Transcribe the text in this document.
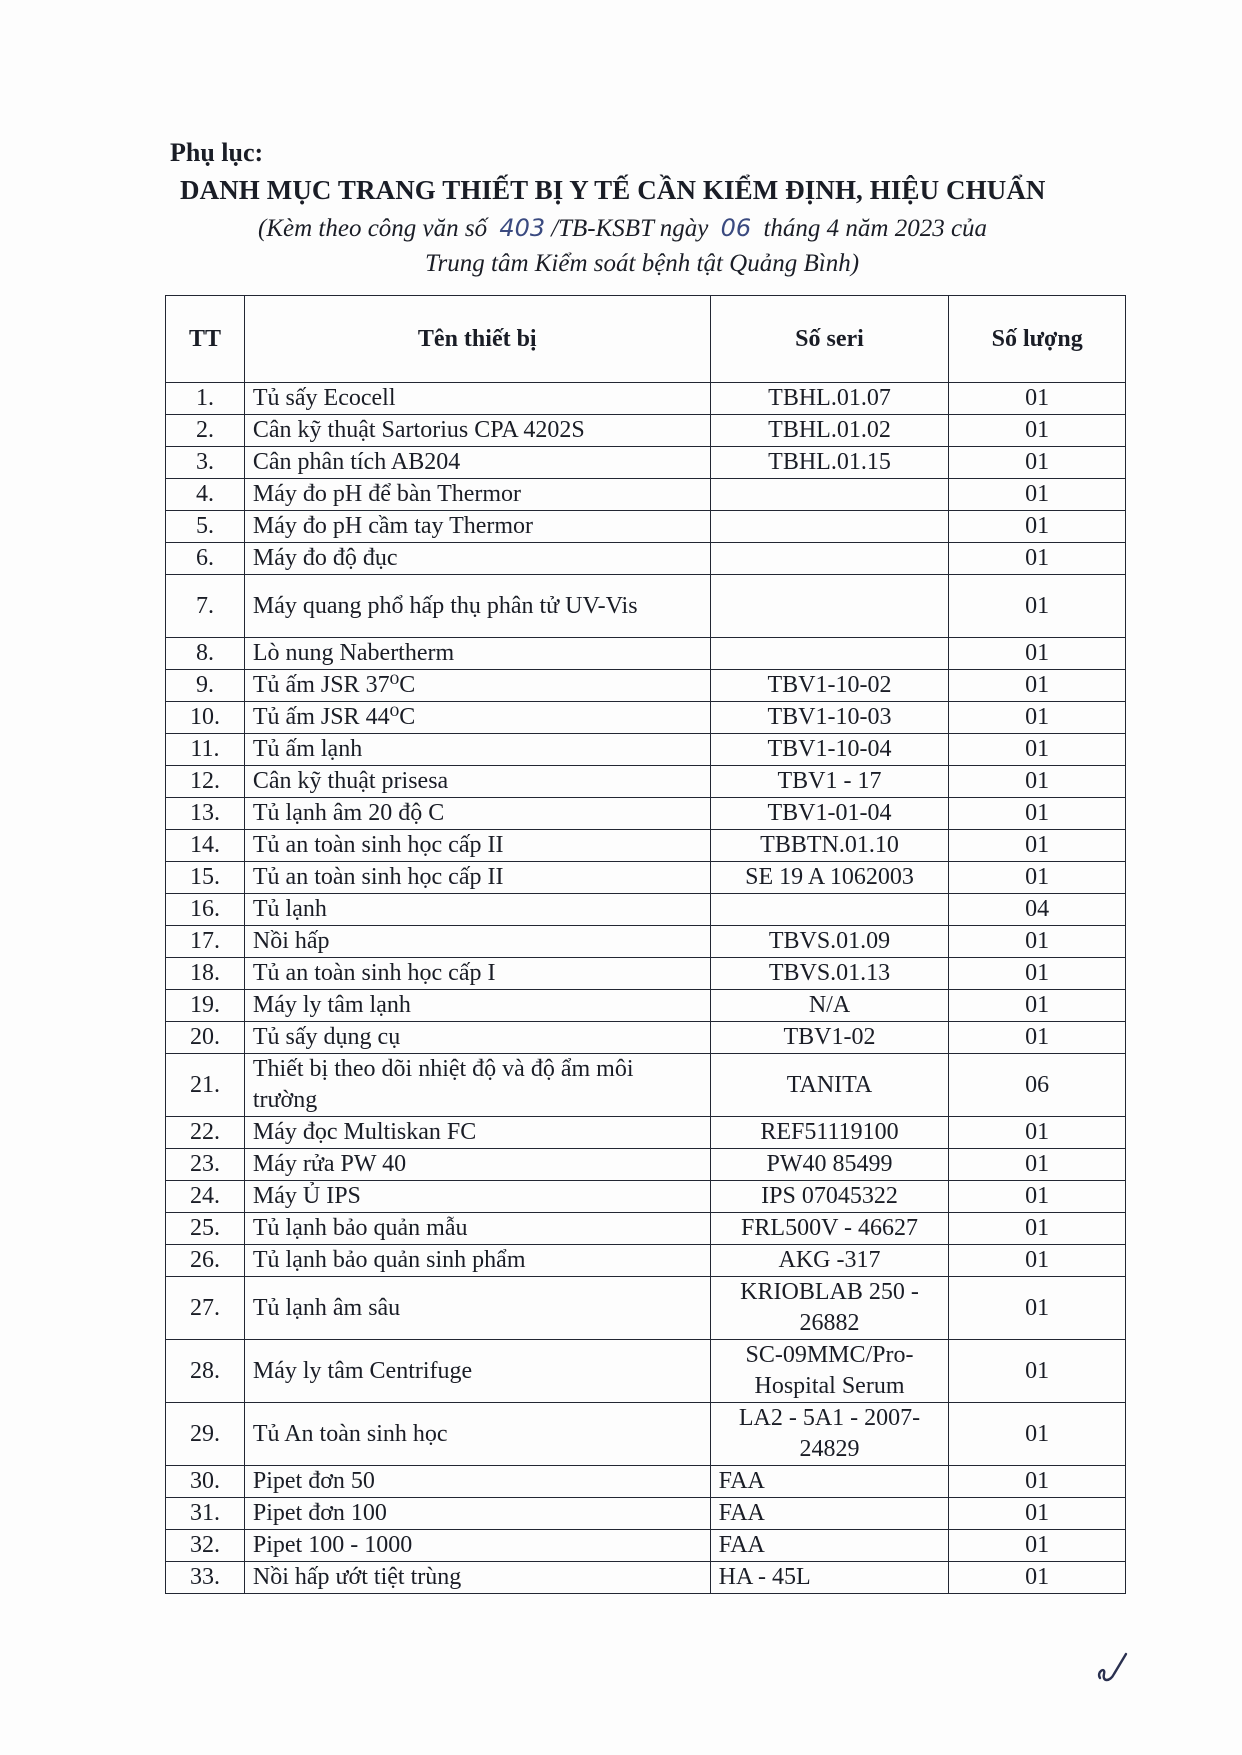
Phụ lục:
DANH MỤC TRANG THIẾT BỊ Y TẾ CẦN KIỂM ĐỊNH, HIỆU CHUẨN
(Kèm theo công văn số 403 /TB-KSBT ngày 06 tháng 4 năm 2023 của
Trung tâm Kiểm soát bệnh tật Quảng Bình)
TT	Tên thiết bị	Số seri	Số lượng
1.	Tủ sấy Ecocell	TBHL.01.07	01
2.	Cân kỹ thuật Sartorius CPA 4202S	TBHL.01.02	01
3.	Cân phân tích AB204	TBHL.01.15	01
4.	Máy đo pH để bàn Thermor		01
5.	Máy đo pH cầm tay Thermor		01
6.	Máy đo độ đục		01
7.	Máy quang phổ hấp thụ phân tử UV-Vis		01
8.	Lò nung Nabertherm		01
9.	Tủ ấm JSR 37⁰C	TBV1-10-02	01
10.	Tủ ấm JSR 44⁰C	TBV1-10-03	01
11.	Tủ ấm lạnh	TBV1-10-04	01
12.	Cân kỹ thuật prisesa	TBV1 - 17	01
13.	Tủ lạnh âm 20 độ C	TBV1-01-04	01
14.	Tủ an toàn sinh học cấp II	TBBTN.01.10	01
15.	Tủ an toàn sinh học cấp II	SE 19 A 1062003	01
16.	Tủ lạnh		04
17.	Nồi hấp	TBVS.01.09	01
18.	Tủ an toàn sinh học cấp I	TBVS.01.13	01
19.	Máy ly tâm lạnh	N/A	01
20.	Tủ sấy dụng cụ	TBV1-02	01
21.	Thiết bị theo dõi nhiệt độ và độ ẩm môi trường	TANITA	06
22.	Máy đọc Multiskan FC	REF51119100	01
23.	Máy rửa PW 40	PW40 85499	01
24.	Máy Ủ IPS	IPS 07045322	01
25.	Tủ lạnh bảo quản mẫu	FRL500V - 46627	01
26.	Tủ lạnh bảo quản sinh phẩm	AKG -317	01
27.	Tủ lạnh âm sâu	KRIOBLAB 250 - 26882	01
28.	Máy ly tâm Centrifuge	SC-09MMC/Pro-Hospital Serum	01
29.	Tủ An toàn sinh học	LA2 - 5A1 - 2007-24829	01
30.	Pipet đơn 50	FAA	01
31.	Pipet đơn 100	FAA	01
32.	Pipet 100 - 1000	FAA	01
33.	Nồi hấp ướt tiệt trùng	HA - 45L	01
